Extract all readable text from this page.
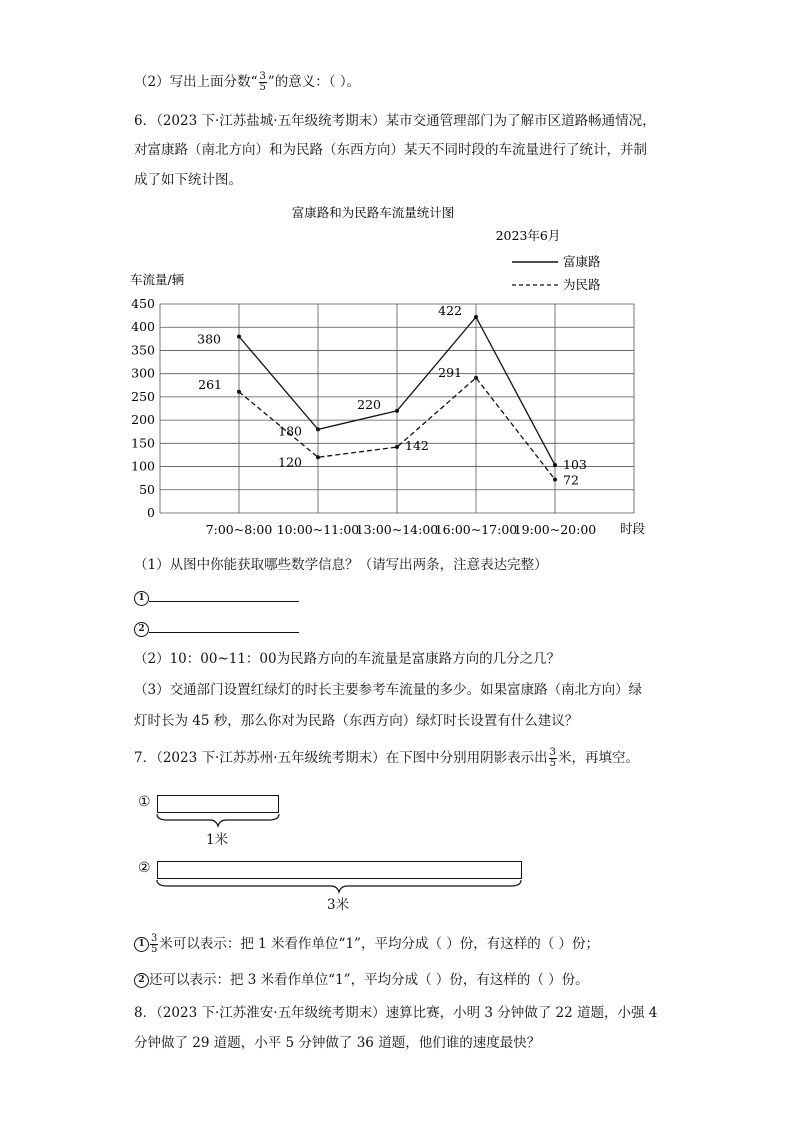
（2）写出上面分数“ $\frac{3}{5}$ ”的意义：（ ）。
6．（2023 下·江苏盐城·五年级统考期末）某市交通管理部门为了解市区道路畅通情况，
对富康路（南北方向）和为民路（东西方向）某天不同时段的车流量进行了统计，并制
成了如下统计图。
富康路和为民路车流量统计图
2023年6月
车流量/辆
富康路
为民路
0
50
100
150
200
250
300
350
400
450
7:00~8:00 10:00~11:00
13:00~14:00
16:00~17:00
19:00~20:00 时段
380
180
220
422
103
261
120
142
291
72
（1）从图中你能获取哪些数学信息？（请写出两条，注意表达完整）
1
2
（2）10：00~11：00为民路方向的车流量是富康路方向的几分之几？
（3）交通部门设置红绿灯的时长主要参考车流量的多少。如果富康路（南北方向）绿
灯时长为 45 秒，那么你对为民路（东西方向）绿灯时长设置有什么建议？
7．（2023 下·江苏苏州·五年级统考期末）在下图中分别用阴影表示出 $\frac{3}{5}$ 米，再填空。
①
1米
②
3米
$1 \frac{3}{5}$ 米可以表示：把 1 米看作单位“1”，平均分成（ ）份，有这样的（ ）份；
2 还可以表示：把 3 米看作单位“1”，平均分成（ ）份，有这样的（ ）份。
8．（2023 下·江苏淮安·五年级统考期末）速算比赛，小明 3 分钟做了 22 道题，小强 4
分钟做了 29 道题，小平 5 分钟做了 36 道题，他们谁的速度最快？
